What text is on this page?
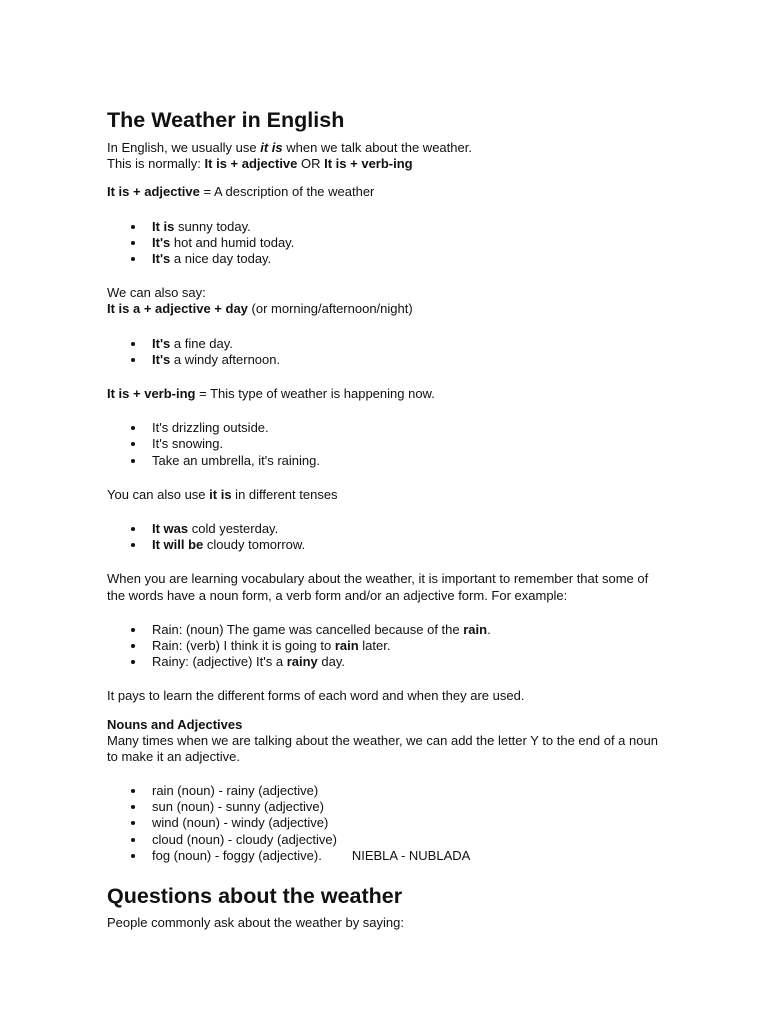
The Weather in English

In English, we usually use it is when we talk about the weather.

This is normally: It is + adjective OR It is + verb-ing

It is + adjective = A description of the weather

It is sunny today.
It's hot and humid today.
It's a nice day today.

We can also say:

It is a + adjective + day (or morning/afternoon/night)

It's a fine day.
It's a windy afternoon.

It is + verb-ing = This type of weather is happening now.

It's drizzling outside.
It's snowing.
Take an umbrella, it's raining.

You can also use it is in different tenses

It was cold yesterday.
It will be cloudy tomorrow.

When you are learning vocabulary about the weather, it is important to remember that some of the words have a noun form, a verb form and/or an adjective form. For example:

Rain: (noun) The game was cancelled because of the rain.
Rain: (verb) I think it is going to rain later.
Rainy: (adjective) It's a rainy day.

It pays to learn the different forms of each word and when they are used.

Nouns and Adjectives

Many times when we are talking about the weather, we can add the letter Y to the end of a noun to make it an adjective.

rain (noun) - rainy (adjective)
sun (noun) - sunny (adjective)
wind (noun) - windy (adjective)
cloud (noun) - cloudy (adjective)
fog (noun) - foggy (adjective). NIEBLA - NUBLADA
Questions about the weather

People commonly ask about the weather by saying:
